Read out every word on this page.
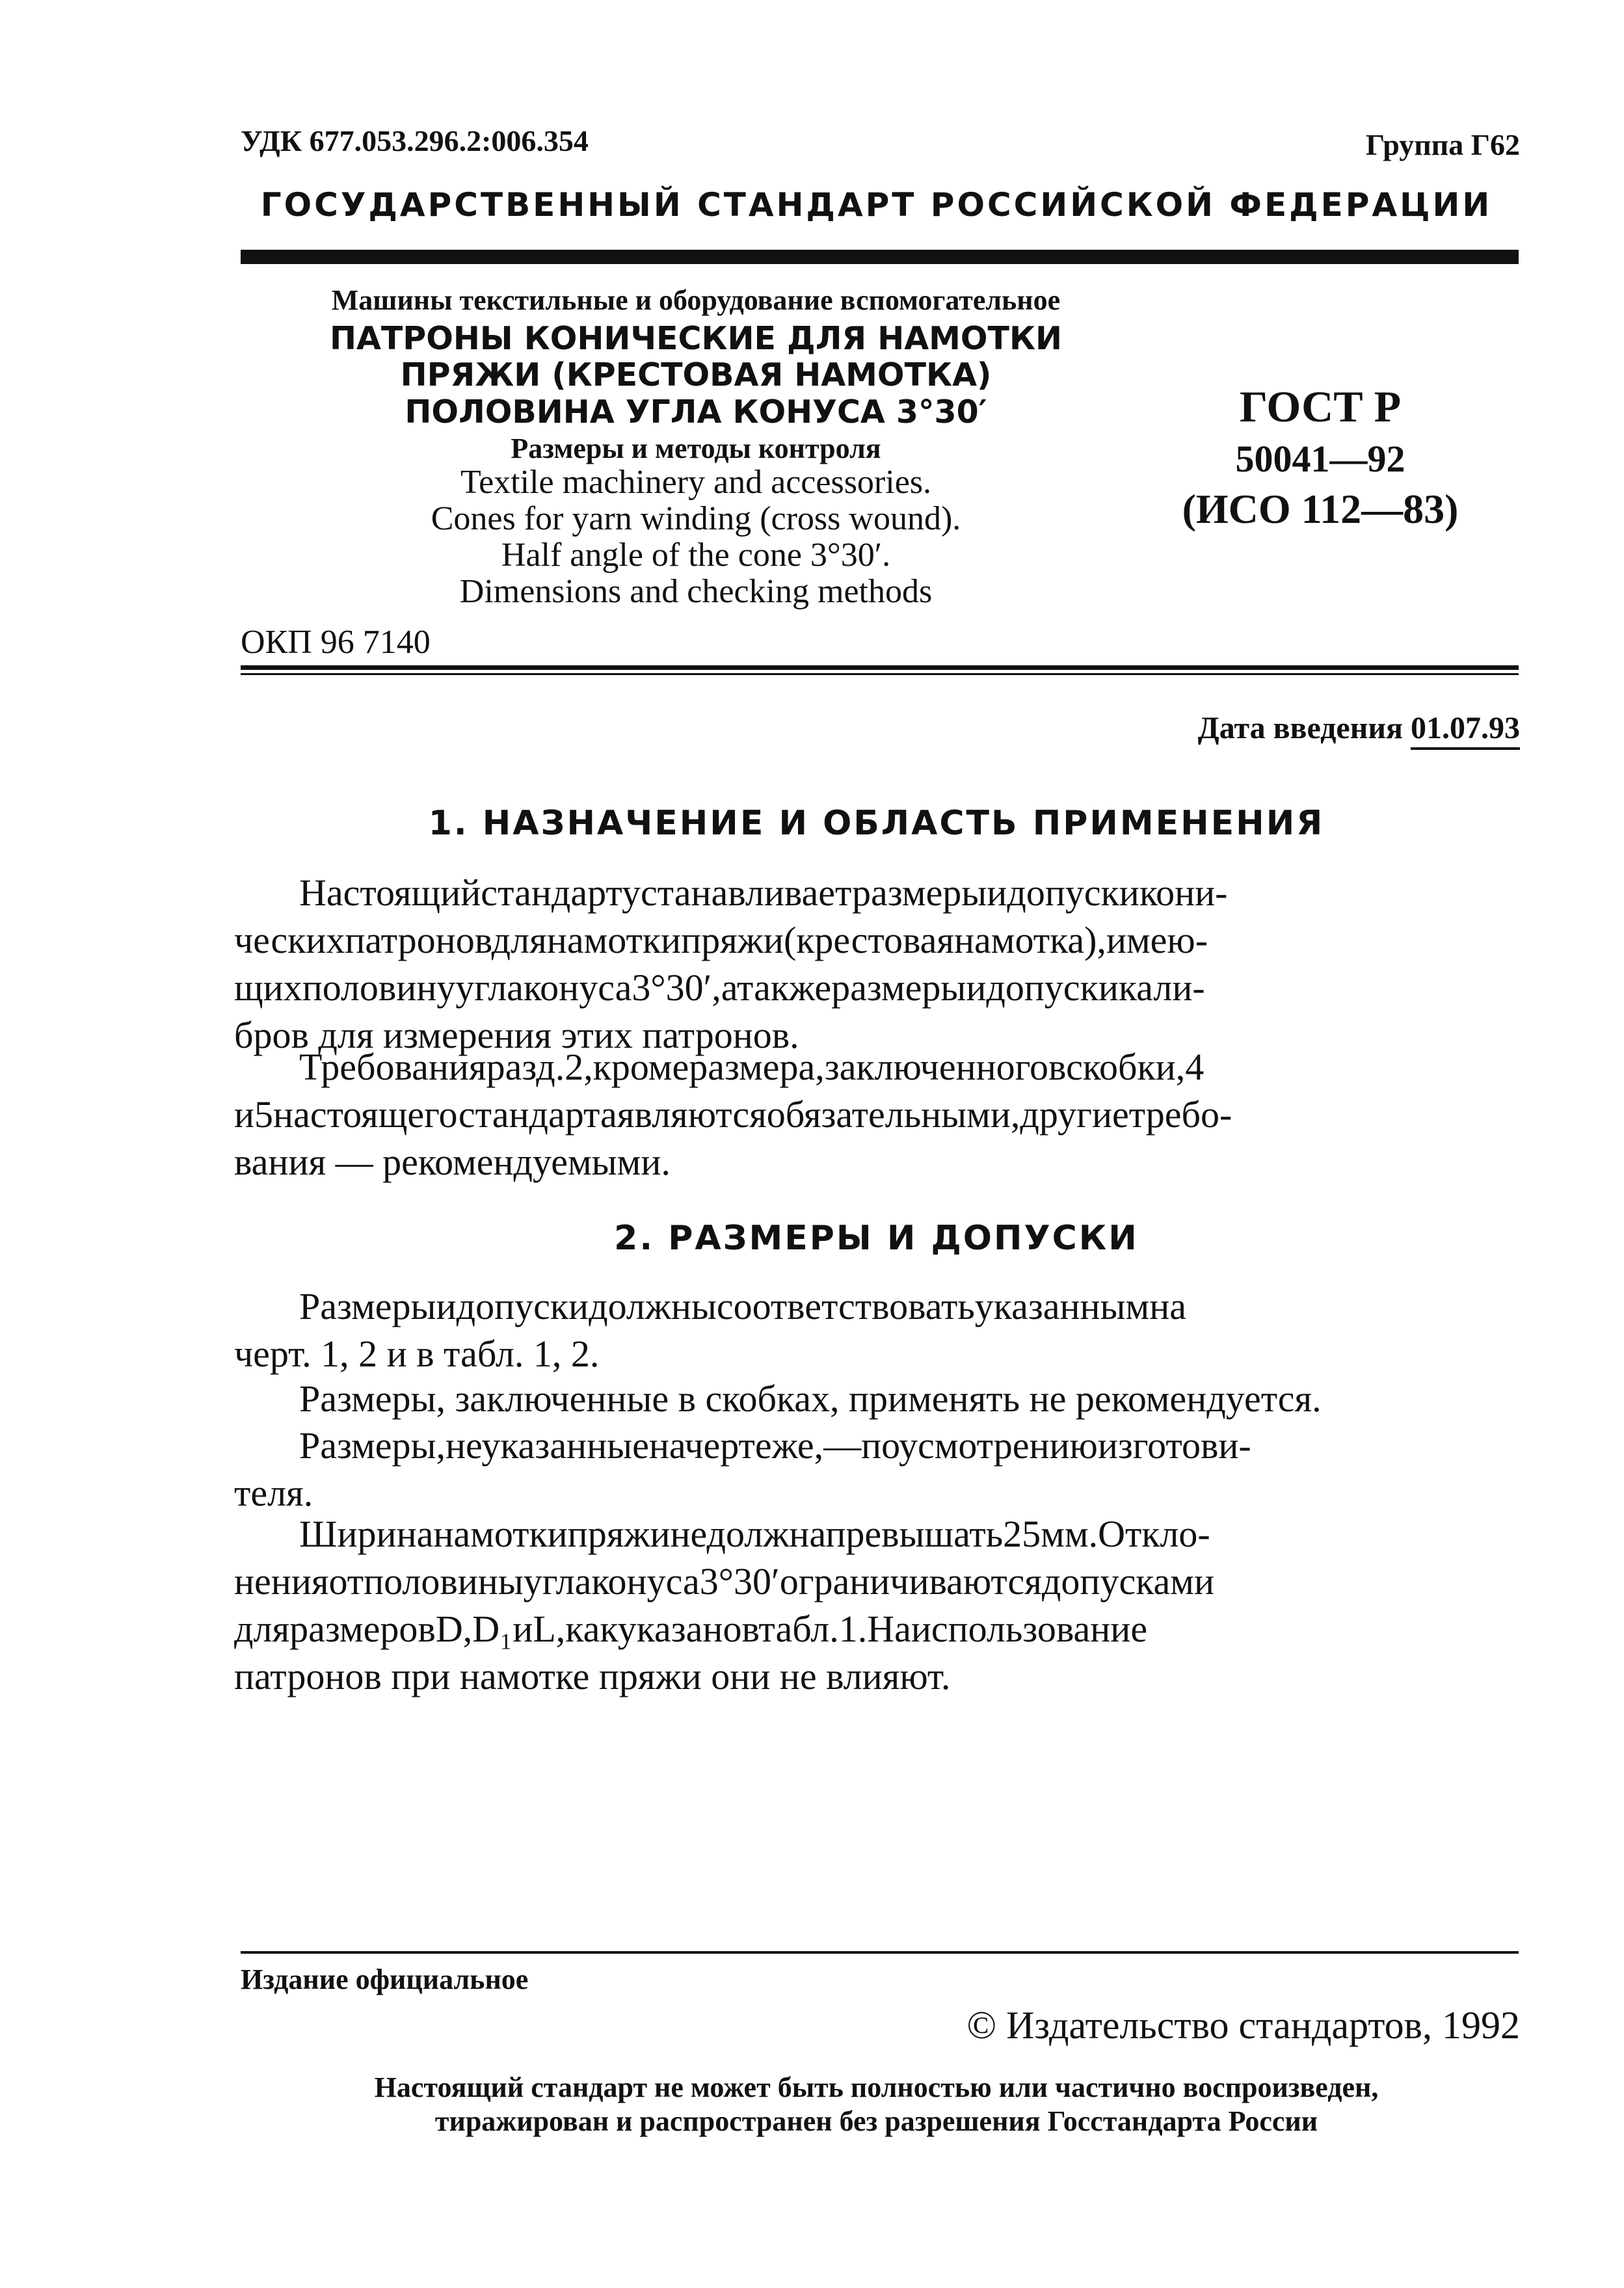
УДК 677.053.296.2:006.354	Группа Г62
ГОСУДАРСТВЕННЫЙ СТАНДАРТ РОССИЙСКОЙ ФЕДЕРАЦИИ
Машины текстильные и оборудование вспомогательное
ПАТРОНЫ КОНИЧЕСКИЕ ДЛЯ НАМОТКИ
ПРЯЖИ (КРЕСТОВАЯ НАМОТКА)
ПОЛОВИНА УГЛА КОНУСА 3°30′
Размеры и методы контроля
Textile machinery and accessories.
Cones for yarn winding (cross wound).
Half angle of the cone 3°30′.
Dimensions and checking methods
ОКП 96 7140
ГОСТ Р
50041—92
(ИСО 112—83)
Дата введения 01.07.93
1. НАЗНАЧЕНИЕ И ОБЛАСТЬ ПРИМЕНЕНИЯ
Настоящийстандартустанавливаетразмерыидопускикони-
ческихпатроновдлянамоткипряжи(крестоваянамотка),имею-
щихполовинууглаконуса3°30′,атакжеразмерыидопускикали-
бров для измерения этих патронов.
Требованияразд.2,кромеразмера,заключенноговскобки,4
и5настоящегостандартаявляютсяобязательными,другиетребо-
вания — рекомендуемыми.
2. РАЗМЕРЫ И ДОПУСКИ
Размерыидопускидолжнысоответствоватьуказаннымна
черт. 1, 2 и в табл. 1, 2.
Размеры, заключенные в скобках, применять не рекомендуется.
Размеры,неуказанныеначертеже,—поусмотрениюизготови-
теля.
Ширинанамоткипряжинедолжнапревышать25мм.Откло-
ненияотполовиныуглаконуса3°30′ограничиваютсядопусками
дляразмеровD,D₁иL,какуказановтабл.1.Наиспользование
патронов при намотке пряжи они не влияют.
Издание официальное
© Издательство стандартов, 1992
Настоящий стандарт не может быть полностью или частично воспроизведен,
тиражирован и распространен без разрешения Госстандарта России
